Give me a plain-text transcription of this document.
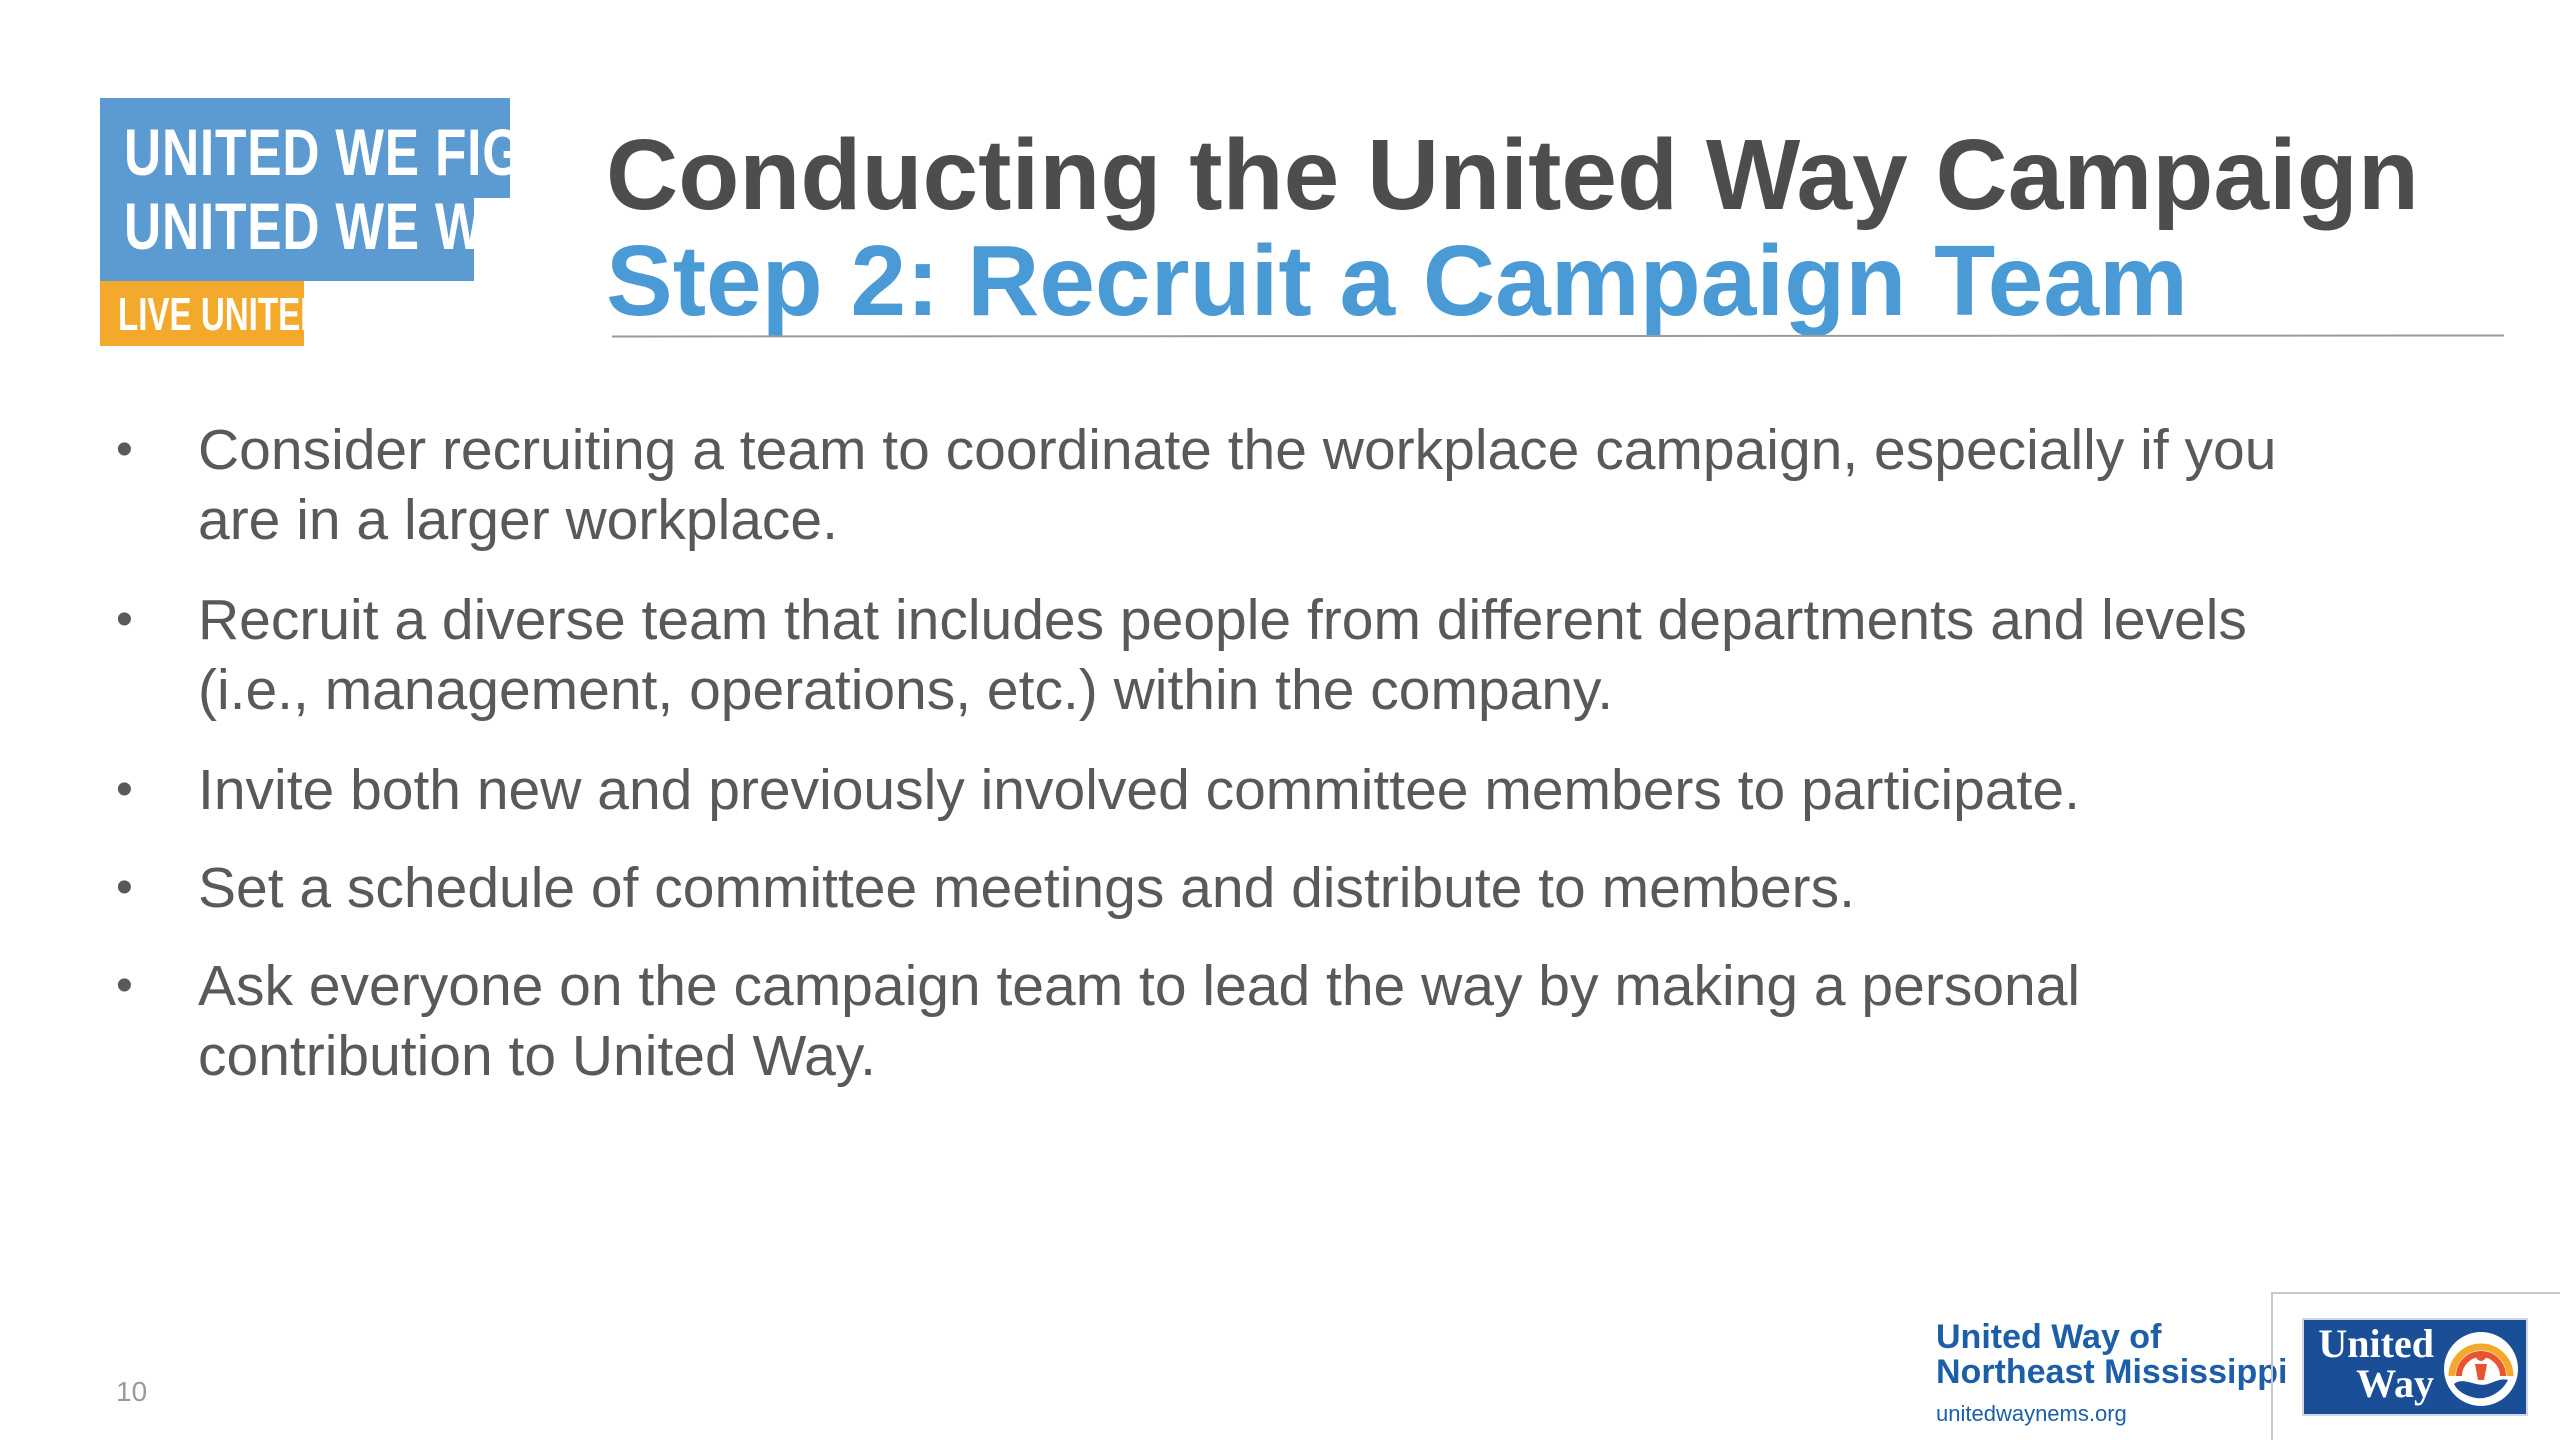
UNITED WE FIGHT.
UNITED WE WIN.
LIVE UNITED
Conducting the United Way Campaign
Step 2: Recruit a Campaign Team
•	Consider recruiting a team to coordinate the workplace campaign, especially if you
are in a larger workplace.
•	Recruit a diverse team that includes people from different departments and levels
(i.e., management, operations, etc.) within the company.
•	Invite both new and previously involved committee members to participate.
•	Set a schedule of committee meetings and distribute to members.
•	Ask everyone on the campaign team to lead the way by making a personal
contribution to United Way.
10
United Way of
Northeast Mississippi
unitedwaynems.org
United
Way
